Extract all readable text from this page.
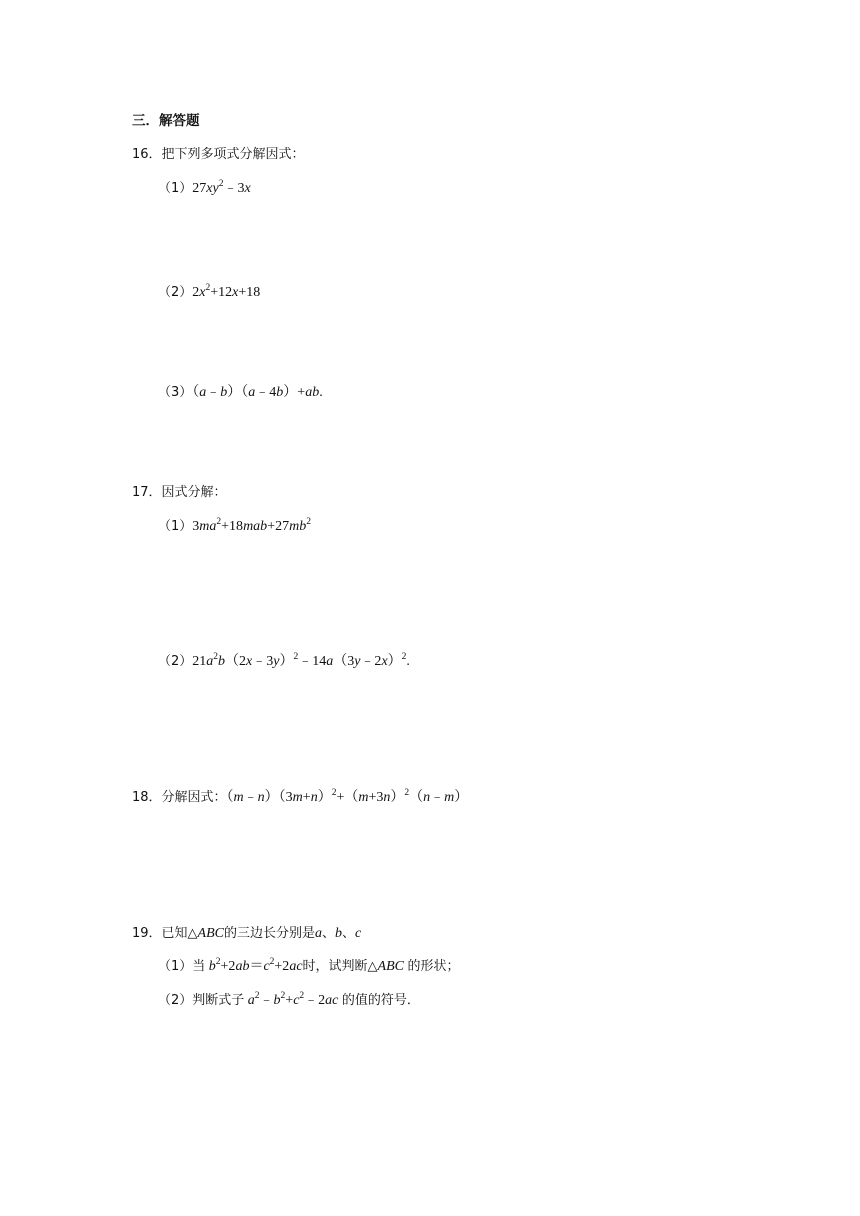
三．解答题
16．把下列多项式分解因式：
$(1)27xy^2﹣3x$
$(2)2x^2+12x+18$
（3）（a﹣b）（a﹣4b）+ab.
17．因式分解：
$(1)3ma^2+18mab+27mb^2$
$(2)21a^2b(2x﹣3y)^2﹣14a(3y﹣2x)^2$.
18．分解因式：$(m﹣n)(3m+n)^2+(m+3n)^2(n﹣m)$
19．已知△ABC的三边长分别是a、b、c
（1）当 $b^2+2ab=c^2+2ac$时，试判断△ABC 的形状；
（2）判断式子 $a^2﹣b^2+c^2﹣2ac$ 的值的符号．
